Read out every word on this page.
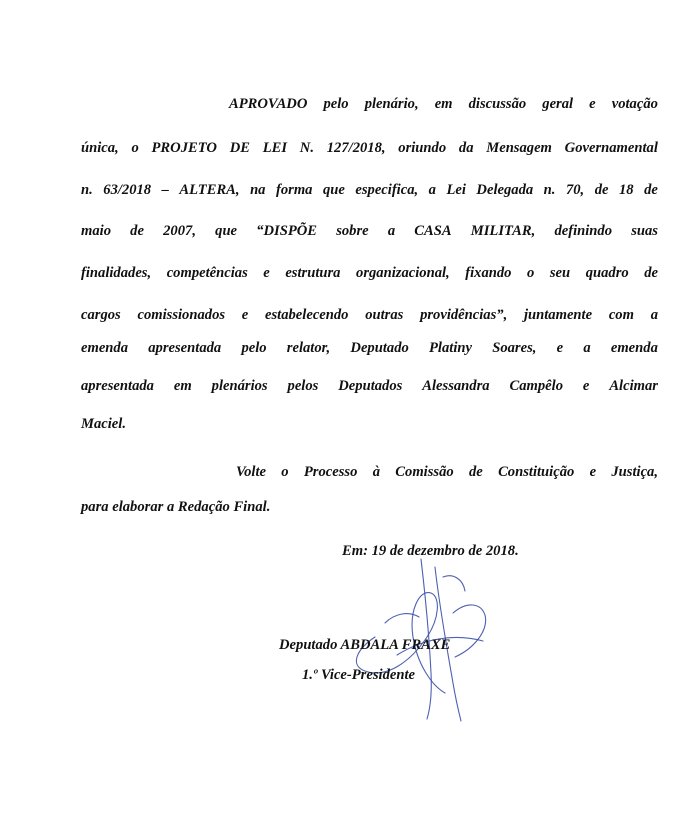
APROVADO pelo plenário, em discussão geral e votação
única, o PROJETO DE LEI N. 127/2018, oriundo da Mensagem Governamental
n. 63/2018 – ALTERA, na forma que especifica, a Lei Delegada n. 70, de 18 de
maio de 2007, que “DISPÕE sobre a CASA MILITAR, definindo suas
finalidades, competências e estrutura organizacional, fixando o seu quadro de
cargos comissionados e estabelecendo outras providências”, juntamente com a
emenda apresentada pelo relator, Deputado Platiny Soares, e a emenda
apresentada em plenários pelos Deputados Alessandra Campêlo e Alcimar
Maciel.
Volte o Processo à Comissão de Constituição e Justiça,
para elaborar a Redação Final.
Em: 19 de dezembro de 2018.
Deputado ABDALA FRAXE
1.º Vice-Presidente
